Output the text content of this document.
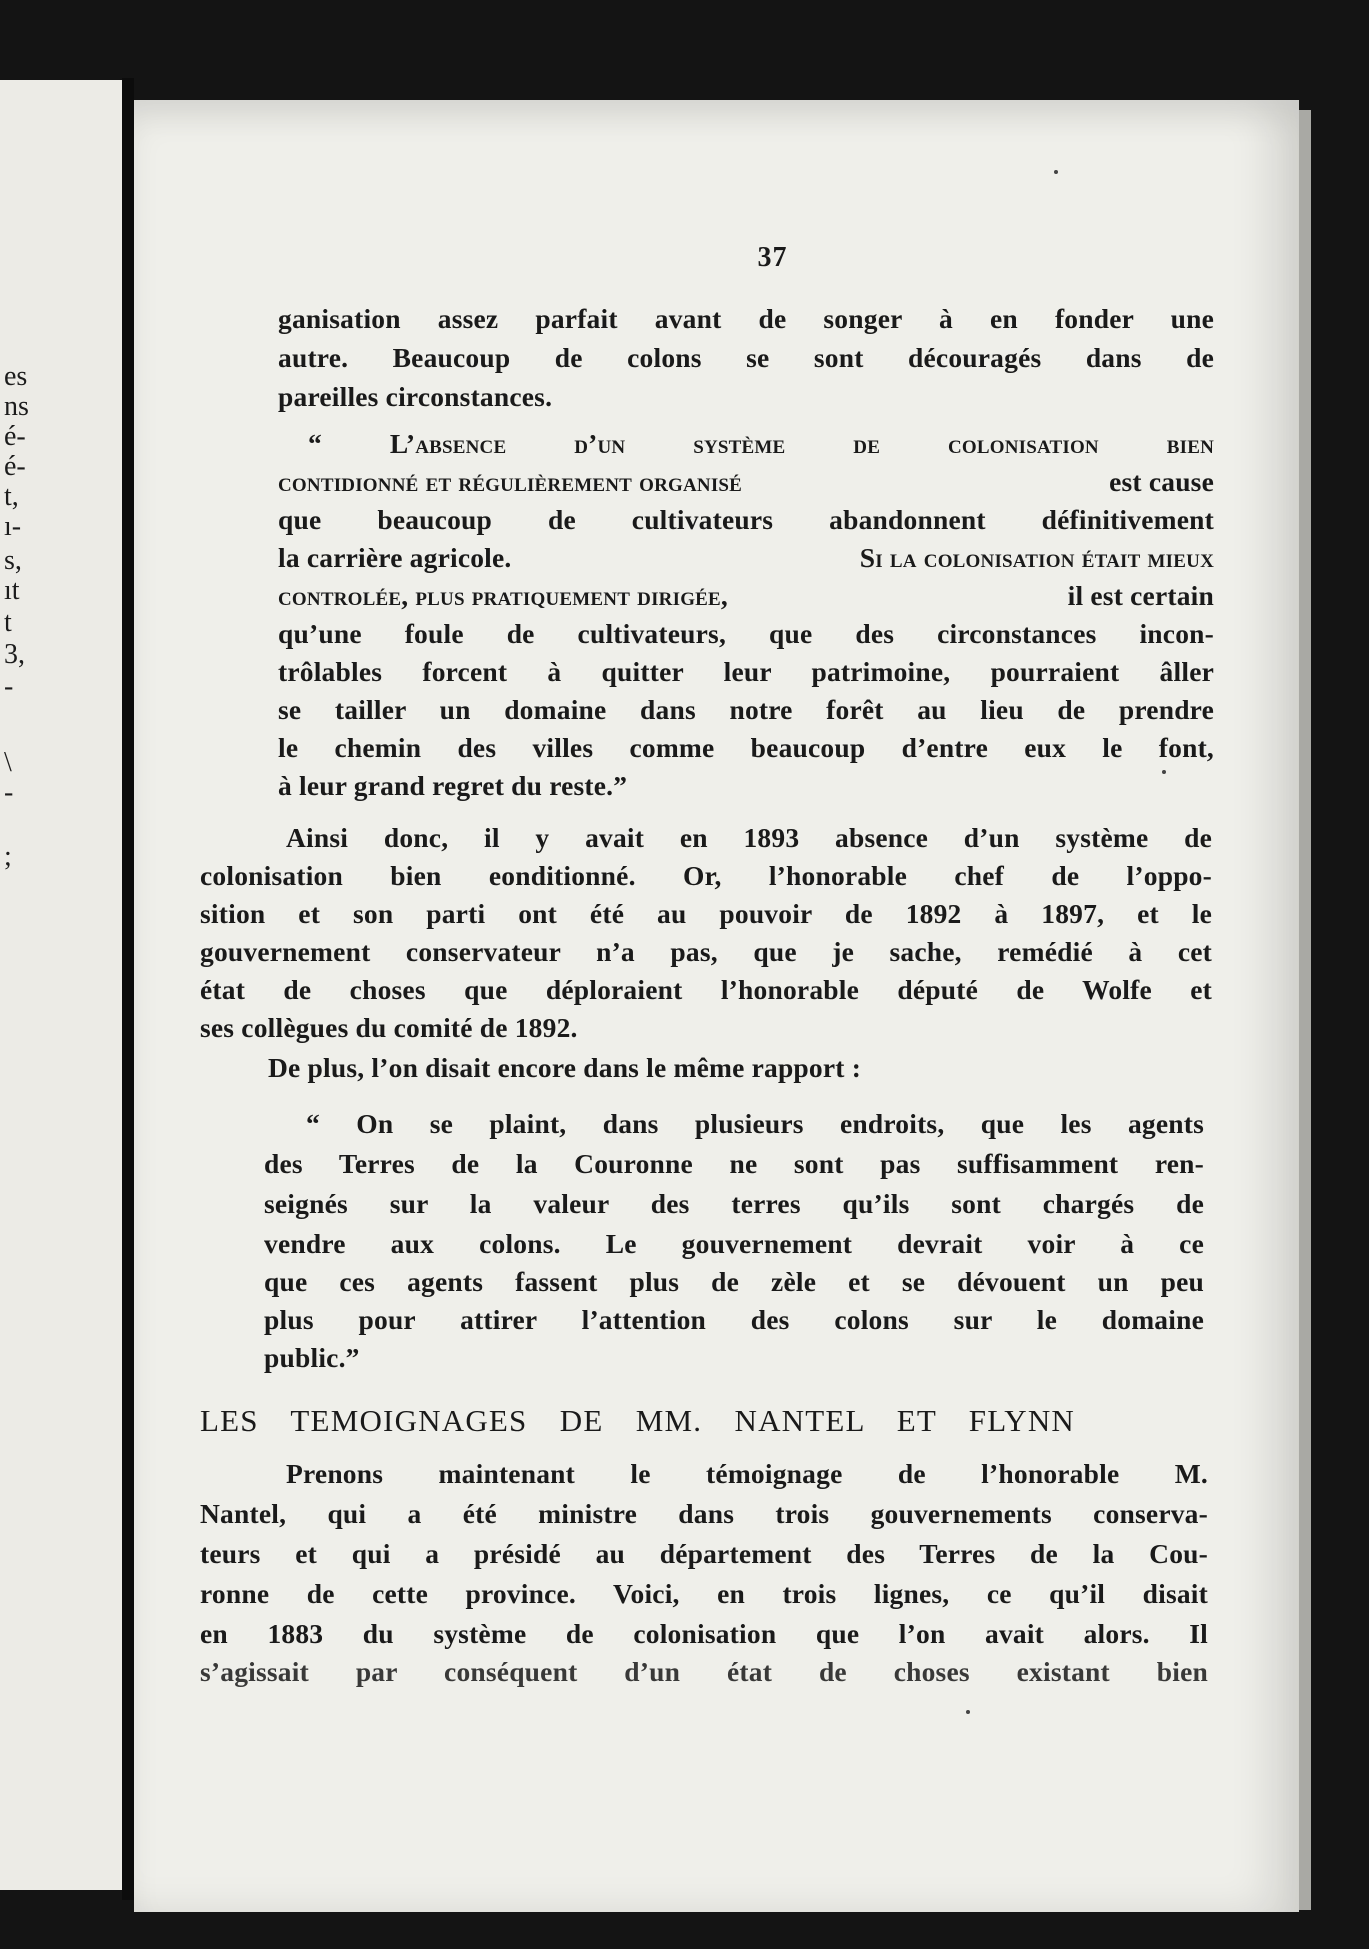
es
ns
é-
é-
t,
ı-
s,
ıt
t
3,
-
\
-
;
37
ganisation assez parfait avant de songer à en fonder une
autre. Beaucoup de colons se sont découragés dans de
pareilles circonstances.
“ L’absence d’un système de colonisation bien
contidionné et régulièrement organisé	est cause
que beaucoup de cultivateurs abandonnent définitivement
la carrière agricole.	Si la colonisation était mieux
controlée, plus pratiquement dirigée,	il est certain
qu’une foule de cultivateurs, que des circonstances incon-
trôlables forcent à quitter leur patrimoine, pourraient âller
se tailler un domaine dans notre forêt au lieu de prendre
le chemin des villes comme beaucoup d’entre eux le font,
à leur grand regret du reste.”
Ainsi donc, il y avait en 1893 absence d’un système de
colonisation bien eonditionné. Or, l’honorable chef de l’oppo-
sition et son parti ont été au pouvoir de 1892 à 1897, et le
gouvernement conservateur n’a pas, que je sache, remédié à cet
état de choses que déploraient l’honorable député de Wolfe et
ses collègues du comité de 1892.
De plus, l’on disait encore dans le même rapport :
“ On se plaint, dans plusieurs endroits, que les agents
des Terres de la Couronne ne sont pas suffisamment ren-
seignés sur la valeur des terres qu’ils sont chargés de
vendre aux colons. Le gouvernement devrait voir à ce
que ces agents fassent plus de zèle et se dévouent un peu
plus pour attirer l’attention des colons sur le domaine
public.”
LES TEMOIGNAGES DE MM. NANTEL ET FLYNN
Prenons maintenant le témoignage de l’honorable M.
Nantel, qui a été ministre dans trois gouvernements conserva-
teurs et qui a présidé au département des Terres de la Cou-
ronne de cette province. Voici, en trois lignes, ce qu’il disait
en 1883 du système de colonisation que l’on avait alors. Il
s’agissait par conséquent d’un état de choses existant bien
